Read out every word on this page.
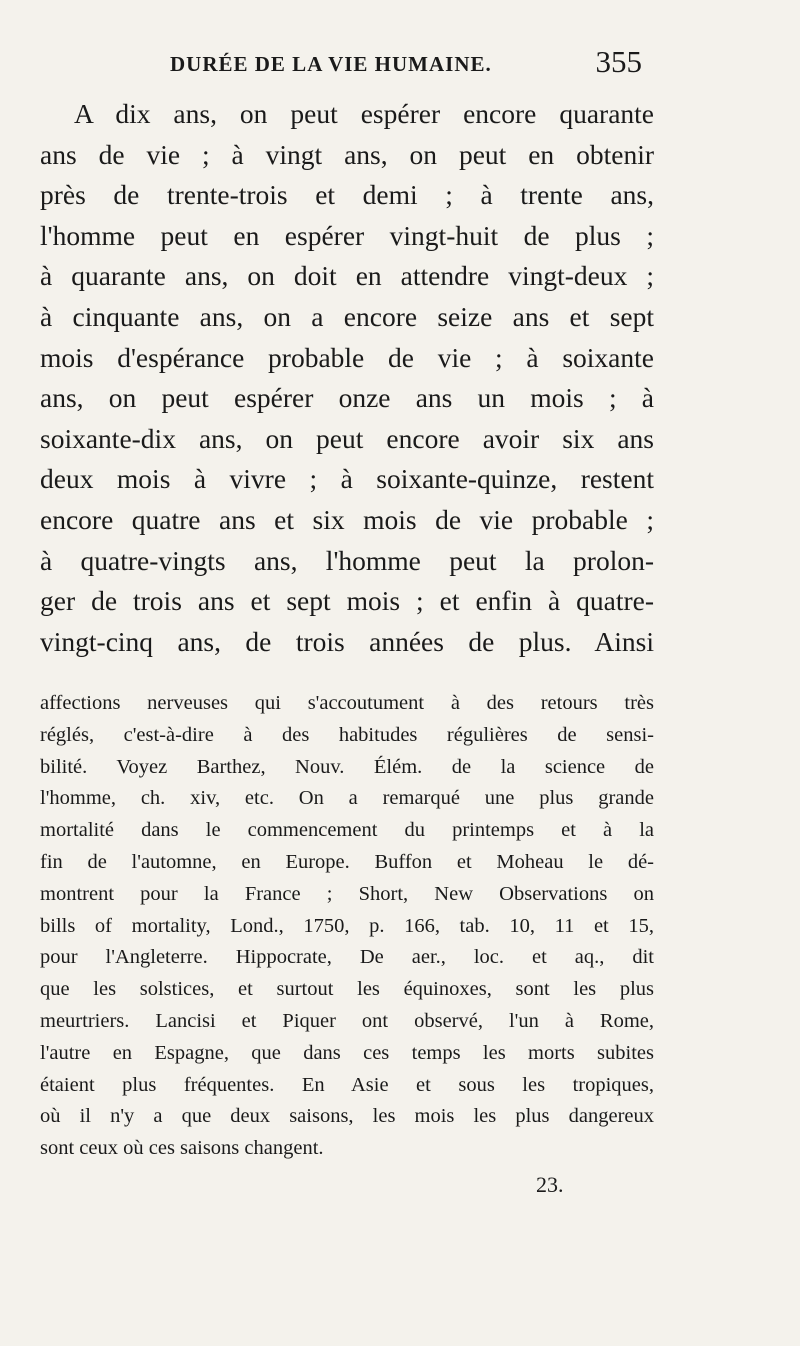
DURÉE DE LA VIE HUMAINE.	355
A dix ans, on peut espérer encore quarante
ans de vie ; à vingt ans, on peut en obtenir
près de trente-trois et demi ; à trente ans,
l'homme peut en espérer vingt-huit de plus ;
à quarante ans, on doit en attendre vingt-deux ;
à cinquante ans, on a encore seize ans et sept
mois d'espérance probable de vie ; à soixante
ans, on peut espérer onze ans un mois ; à
soixante-dix ans, on peut encore avoir six ans
deux mois à vivre ; à soixante-quinze, restent
encore quatre ans et six mois de vie probable ;
à quatre-vingts ans, l'homme peut la prolon-
ger de trois ans et sept mois ; et enfin à quatre-
vingt-cinq ans, de trois années de plus. Ainsi
affections nerveuses qui s'accoutument à des retours très
réglés, c'est-à-dire à des habitudes régulières de sensi-
bilité. Voyez Barthez, Nouv. Élém. de la science de
l'homme, ch. xiv, etc. On a remarqué une plus grande
mortalité dans le commencement du printemps et à la
fin de l'automne, en Europe. Buffon et Moheau le dé-
montrent pour la France ; Short, New Observations on
bills of mortality, Lond., 1750, p. 166, tab. 10, 11 et 15,
pour l'Angleterre. Hippocrate, De aer., loc. et aq., dit
que les solstices, et surtout les équinoxes, sont les plus
meurtriers. Lancisi et Piquer ont observé, l'un à Rome,
l'autre en Espagne, que dans ces temps les morts subites
étaient plus fréquentes. En Asie et sous les tropiques,
où il n'y a que deux saisons, les mois les plus dangereux
sont ceux où ces saisons changent.
23.
